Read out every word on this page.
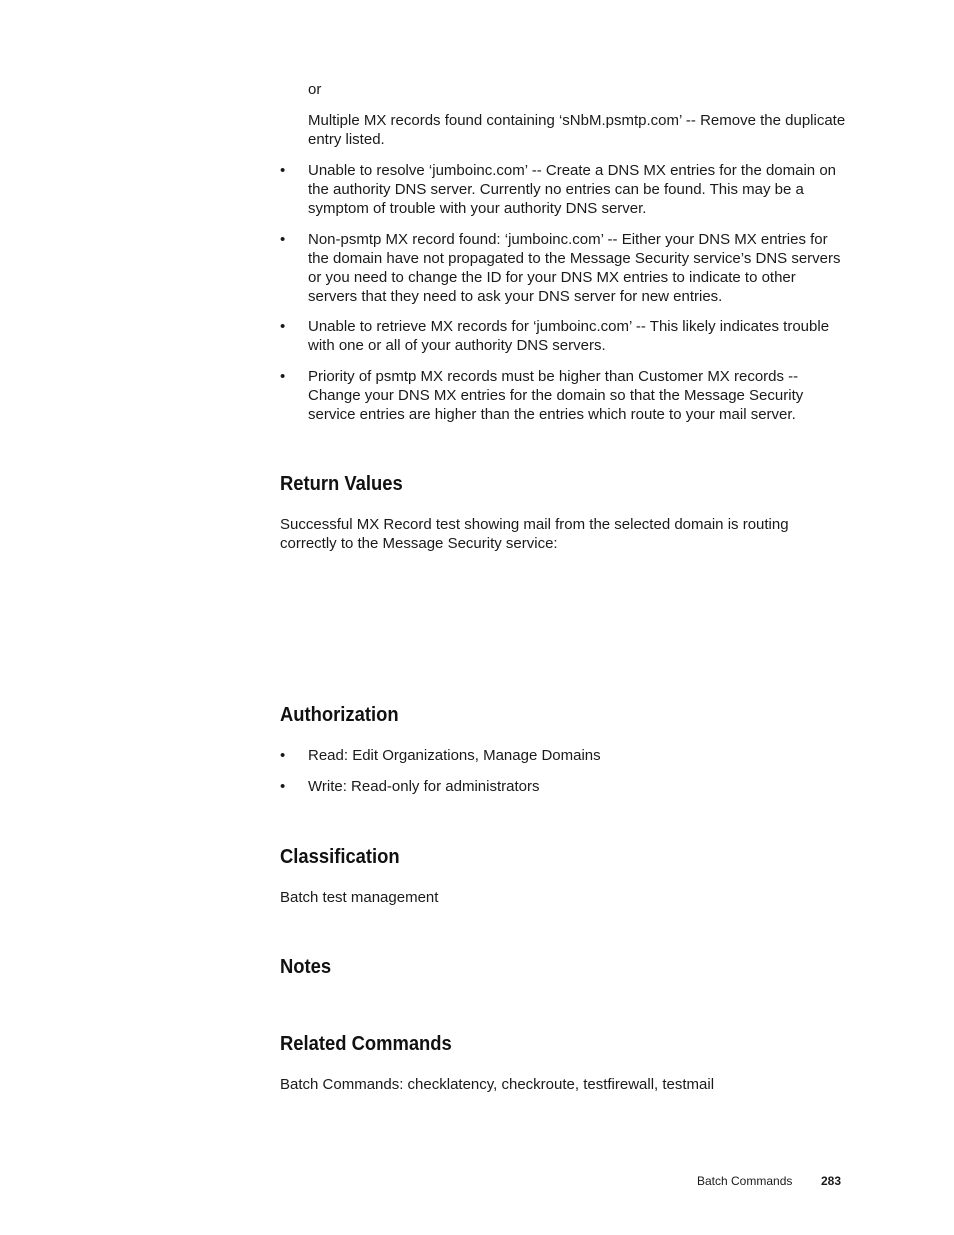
or

Multiple MX records found containing ‘sNbM.psmtp.com’ -- Remove the duplicate entry listed.

• Unable to resolve ‘jumboinc.com’ -- Create a DNS MX entries for the domain on the authority DNS server. Currently no entries can be found. This may be a symptom of trouble with your authority DNS server.

• Non-psmtp MX record found: ‘jumboinc.com’ -- Either your DNS MX entries for the domain have not propagated to the Message Security service’s DNS servers or you need to change the ID for your DNS MX entries to indicate to other servers that they need to ask your DNS server for new entries.

• Unable to retrieve MX records for ‘jumboinc.com’ -- This likely indicates trouble with one or all of your authority DNS servers.

• Priority of psmtp MX records must be higher than Customer MX records -- Change your DNS MX entries for the domain so that the Message Security service entries are higher than the entries which route to your mail server.

Return Values

Successful MX Record test showing mail from the selected domain is routing correctly to the Message Security service:

Authorization
• Read: Edit Organizations, Manage Domains

• Write: Read-only for administrators

Classification

Batch test management

Notes
Related Commands

Batch Commands: checklatency, checkroute, testfirewall, testmail

Batch Commands 283
